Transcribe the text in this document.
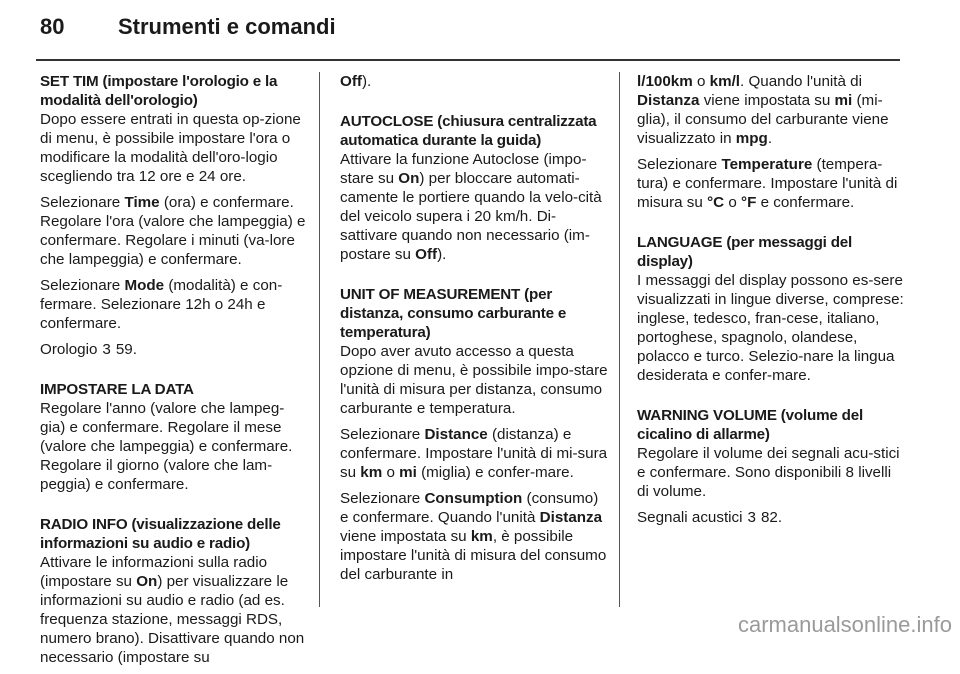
80	Strumenti e comandi
SET TIM (impostare l'orologio e la modalità dell'orologio)
Dopo essere entrati in questa op-zione di menu, è possibile impostare l'ora o modificare la modalità dell'oro-logio scegliendo tra 12 ore e 24 ore.
Selezionare Time (ora) e confermare. Regolare l'ora (valore che lampeggia) e confermare. Regolare i minuti (va-lore che lampeggia) e confermare.
Selezionare Mode (modalità) e con-fermare. Selezionare 12h o 24h e confermare.
Orologio 3 59.
IMPOSTARE LA DATA
Regolare l'anno (valore che lampeg-gia) e confermare. Regolare il mese (valore che lampeggia) e confermare. Regolare il giorno (valore che lam-peggia) e confermare.
RADIO INFO (visualizzazione delle informazioni su audio e radio)
Attivare le informazioni sulla radio (impostare su On) per visualizzare le informazioni su audio e radio (ad es. frequenza stazione, messaggi RDS, numero brano). Disattivare quando non necessario (impostare su
Off).
AUTOCLOSE (chiusura centralizzata automatica durante la guida)
Attivare la funzione Autoclose (impo-stare su On) per bloccare automati-camente le portiere quando la velo-cità del veicolo supera i 20 km/h. Di-sattivare quando non necessario (im-postare su Off).
UNIT OF MEASUREMENT (per distanza, consumo carburante e temperatura)
Dopo aver avuto accesso a questa opzione di menu, è possibile impo-stare l'unità di misura per distanza, consumo carburante e temperatura.
Selezionare Distance (distanza) e confermare. Impostare l'unità di mi-sura su km o mi (miglia) e confer-mare.
Selezionare Consumption (consumo) e confermare. Quando l'unità Distanza viene impostata su km, è possibile impostare l'unità di misura del consumo del carburante in
l/100km o km/l. Quando l'unità di Distanza viene impostata su mi (mi-glia), il consumo del carburante viene visualizzato in mpg.
Selezionare Temperature (tempera-tura) e confermare. Impostare l'unità di misura su °C o °F e confermare.
LANGUAGE (per messaggi del display)
I messaggi del display possono es-sere visualizzati in lingue diverse, comprese: inglese, tedesco, fran-cese, italiano, portoghese, spagnolo, olandese, polacco e turco. Selezio-nare la lingua desiderata e confer-mare.
WARNING VOLUME (volume del cicalino di allarme)
Regolare il volume dei segnali acu-stici e confermare. Sono disponibili 8 livelli di volume.
Segnali acustici 3 82.
carmanualsonline.info
